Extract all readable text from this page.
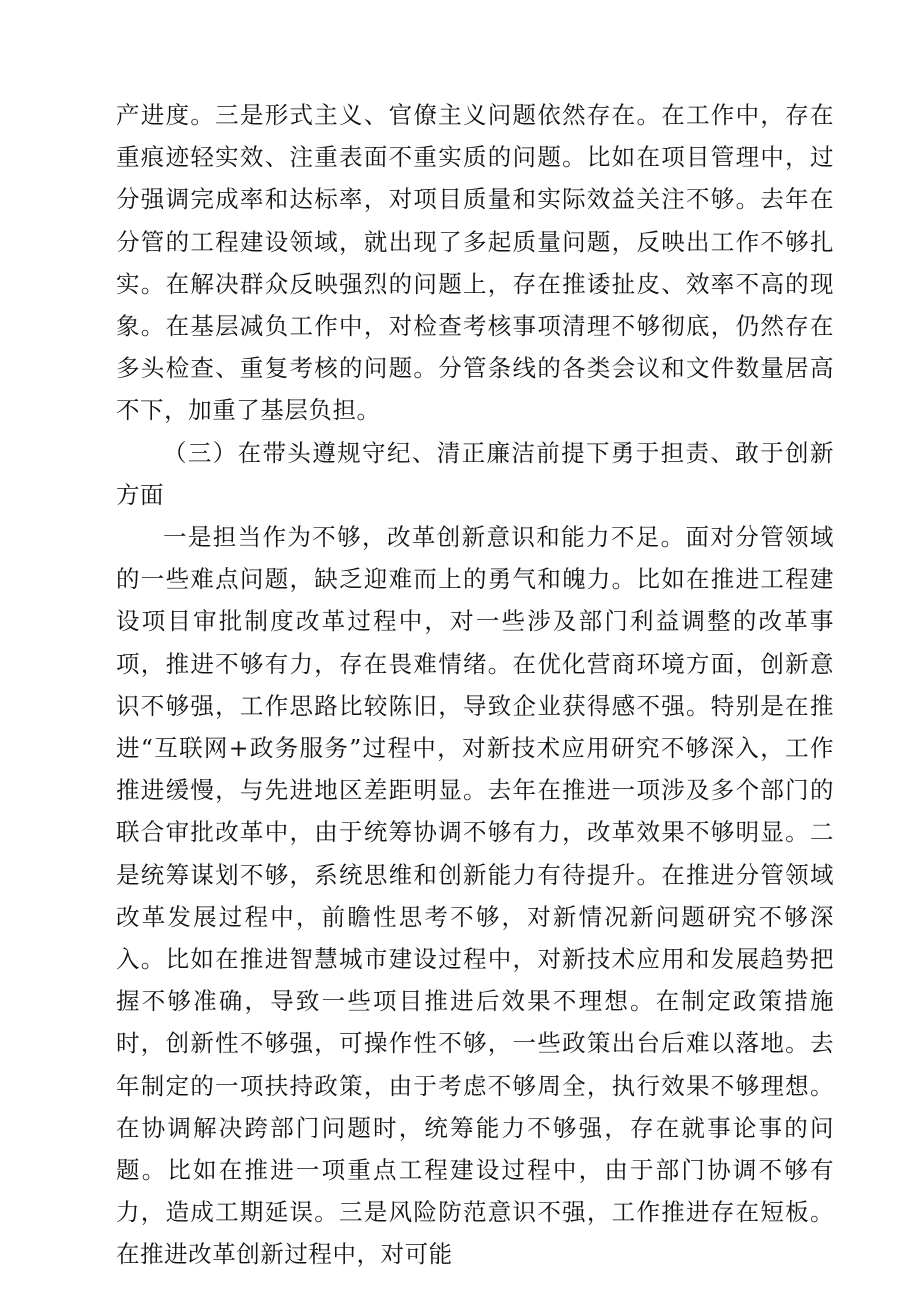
产进度。三是形式主义、官僚主义问题依然存在。在工作中，存在重痕迹轻实效、注重表面不重实质的问题。比如在项目管理中，过分强调完成率和达标率，对项目质量和实际效益关注不够。去年在分管的工程建设领域，就出现了多起质量问题，反映出工作不够扎实。在解决群众反映强烈的问题上，存在推诿扯皮、效率不高的现象。在基层减负工作中，对检查考核事项清理不够彻底，仍然存在多头检查、重复考核的问题。分管条线的各类会议和文件数量居高不下，加重了基层负担。

（三）在带头遵规守纪、清正廉洁前提下勇于担责、敢于创新方面

一是担当作为不够，改革创新意识和能力不足。面对分管领域的一些难点问题，缺乏迎难而上的勇气和魄力。比如在推进工程建设项目审批制度改革过程中，对一些涉及部门利益调整的改革事项，推进不够有力，存在畏难情绪。在优化营商环境方面，创新意识不够强，工作思路比较陈旧，导致企业获得感不强。特别是在推进“互联网+政务服务”过程中，对新技术应用研究不够深入，工作推进缓慢，与先进地区差距明显。去年在推进一项涉及多个部门的联合审批改革中，由于统筹协调不够有力，改革效果不够明显。二是统筹谋划不够，系统思维和创新能力有待提升。在推进分管领域改革发展过程中，前瞻性思考不够，对新情况新问题研究不够深入。比如在推进智慧城市建设过程中，对新技术应用和发展趋势把握不够准确，导致一些项目推进后效果不理想。在制定政策措施时，创新性不够强，可操作性不够，一些政策出台后难以落地。去年制定的一项扶持政策，由于考虑不够周全，执行效果不够理想。在协调解决跨部门问题时，统筹能力不够强，存在就事论事的问题。比如在推进一项重点工程建设过程中，由于部门协调不够有力，造成工期延误。三是风险防范意识不强，工作推进存在短板。在推进改革创新过程中，对可能
